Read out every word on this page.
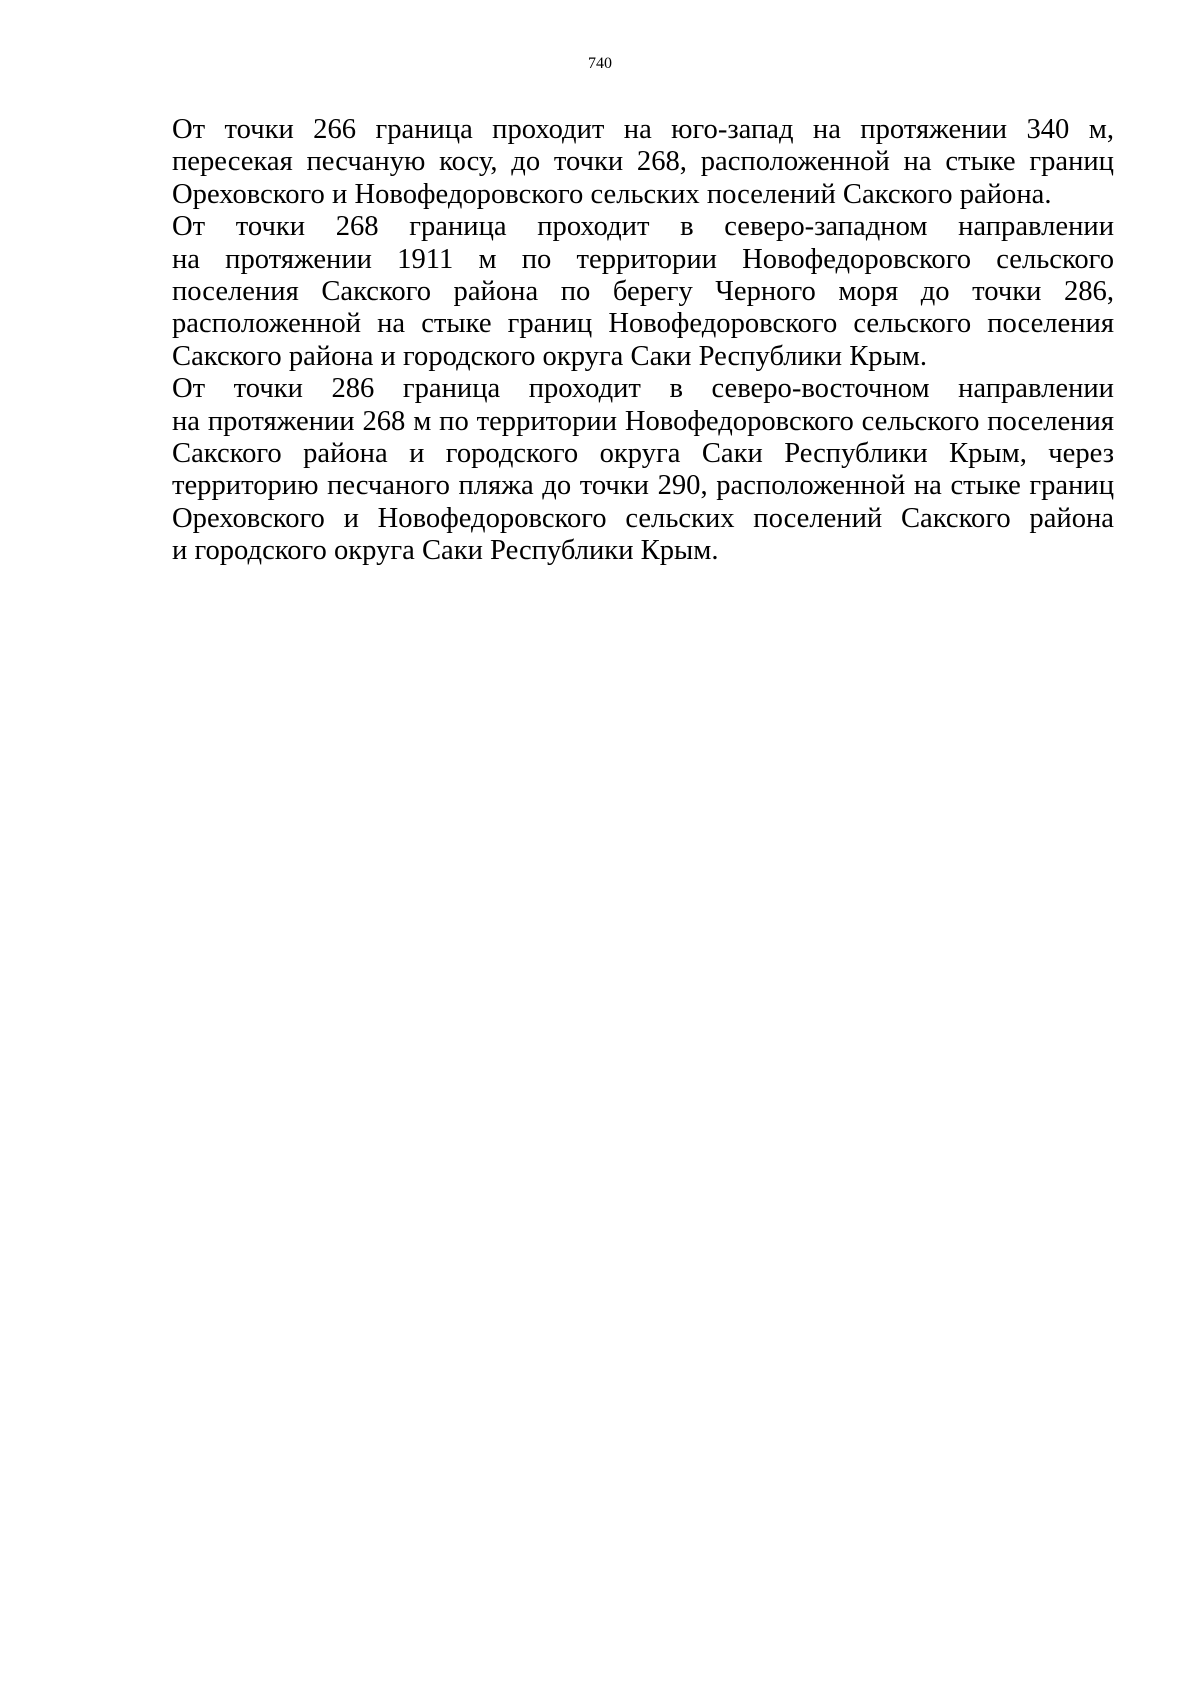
740

От точки 266 граница проходит на юго-запад на протяжении 340 м,
пересекая песчаную косу, до точки 268, расположенной на стыке границ
Ореховского и Новофедоровского сельских поселений Сакского района.

От точки 268 граница проходит в северо-западном направлении
на протяжении 1911 м по территории Новофедоровского сельского
поселения Сакского района по берегу Черного моря до точки 286,
расположенной на стыке границ Новофедоровского сельского поселения
Сакского района и городского округа Саки Республики Крым.

От точки 286 граница проходит в северо-восточном направлении
на протяжении 268 м по территории Новофедоровского сельского поселения
Сакского района и городского округа Саки Республики Крым, через
территорию песчаного пляжа до точки 290, расположенной на стыке границ
Ореховского и Новофедоровского сельских поселений Сакского района
и городского округа Саки Республики Крым.
